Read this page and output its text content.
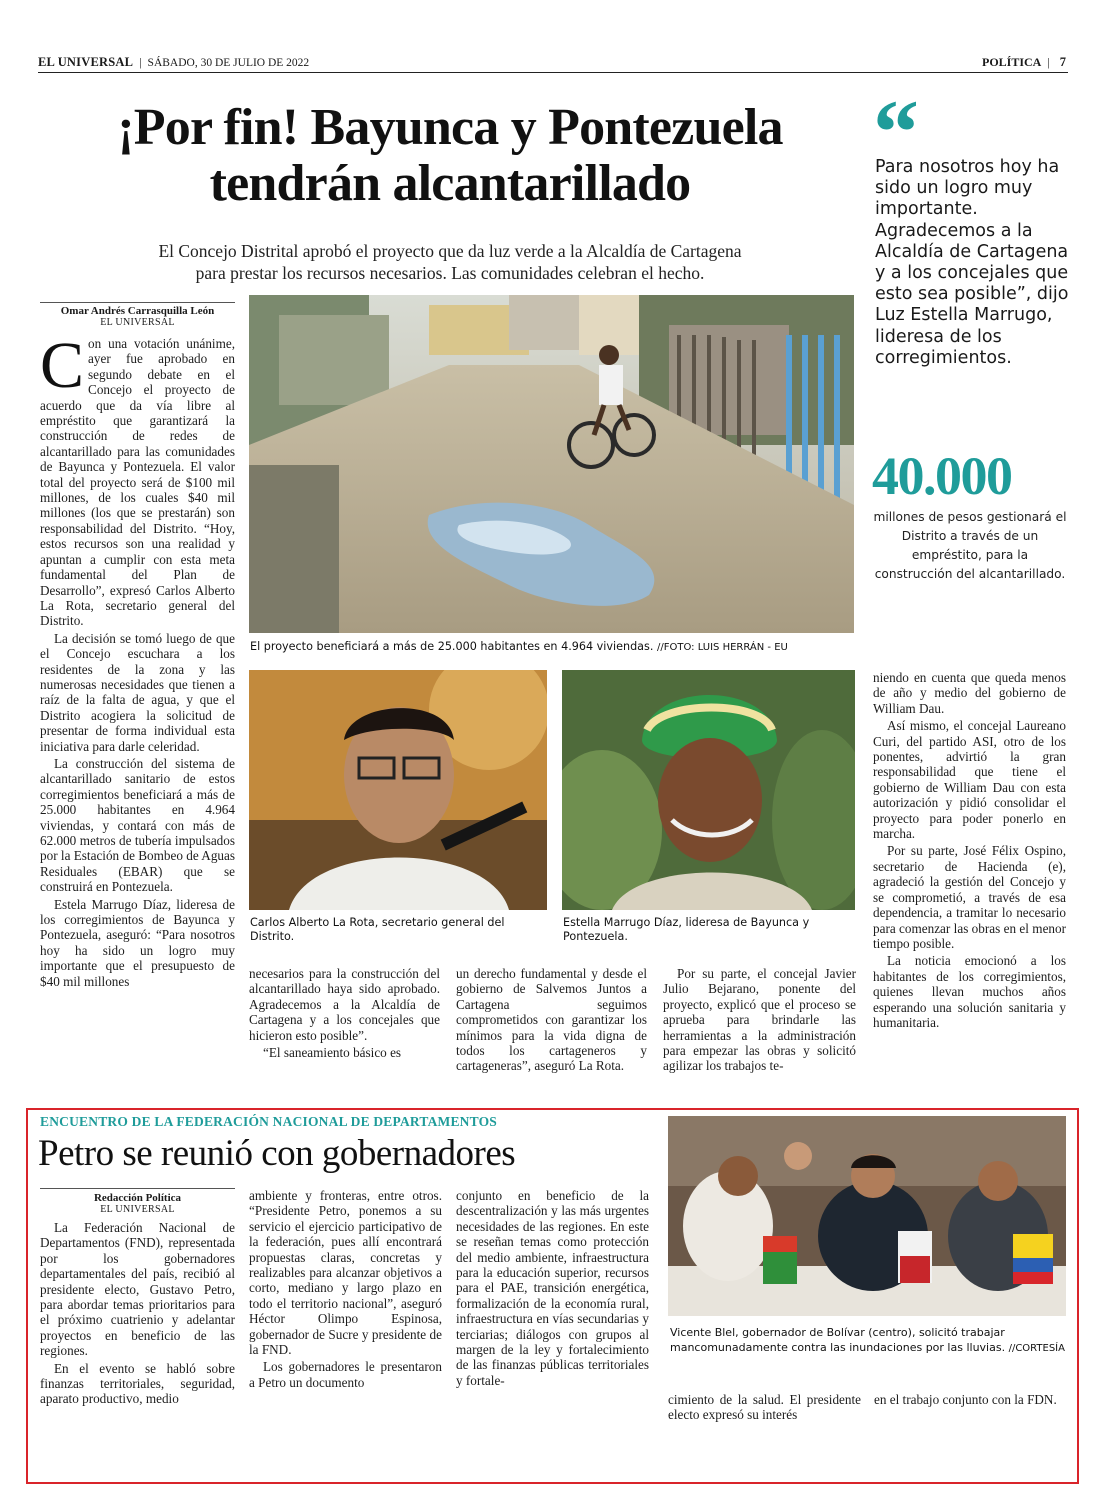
EL UNIVERSAL | SÁBADO, 30 DE JULIO DE 2022	POLÍTICA | 7
¡Por fin! Bayunca y Pontezuela
tendrán alcantarillado
El Concejo Distrital aprobó el proyecto que da luz verde a la Alcaldía de Cartagena
para prestar los recursos necesarios. Las comunidades celebran el hecho.
“
Para nosotros hoy ha sido un logro muy importante. Agradecemos a la Alcaldía de Cartagena y a los concejales que esto sea posible”, dijo Luz Estella Marrugo, lideresa de los corregimientos.
40.000
millones de pesos gestionará el Distrito a través de un empréstito, para la construcción del alcantarillado.
Omar Andrés Carrasquilla León
EL UNIVERSAL
C on una votación unánime, ayer fue aprobado en segundo debate en el Concejo el proyecto de acuerdo que da vía libre al empréstito que garantizará la construcción de redes de alcantarillado para las comunidades de Bayunca y Pontezuela. El valor total del proyecto será de $100 mil millones, de los cuales $40 mil millones (los que se prestarán) son responsabilidad del Distrito. “Hoy, estos recursos son una realidad y apuntan a cumplir con esta meta fundamental del Plan de Desarrollo”, expresó Carlos Alberto La Rota, secretario general del Distrito.

La decisión se tomó luego de que el Concejo escuchara a los residentes de la zona y las numerosas necesidades que tienen a raíz de la falta de agua, y que el Distrito acogiera la solicitud de presentar de forma individual esta iniciativa para darle celeridad.

La construcción del sistema de alcantarillado sanitario de estos corregimientos beneficiará a más de 25.000 habitantes en 4.964 viviendas, y contará con más de 62.000 metros de tubería impulsados por la Estación de Bombeo de Aguas Residuales (EBAR) que se construirá en Pontezuela.

Estela Marrugo Díaz, lideresa de los corregimientos de Bayunca y Pontezuela, aseguró: “Para nosotros hoy ha sido un logro muy importante que el presupuesto de $40 mil millones

El proyecto beneficiará a más de 25.000 habitantes en 4.964 viviendas. //FOTO: LUIS HERRÁN - EU
Carlos Alberto La Rota, secretario general del Distrito.
Estella Marrugo Díaz, lideresa de Bayunca y Pontezuela.

necesarios para la construcción del alcantarillado haya sido aprobado. Agradecemos a la Alcaldía de Cartagena y a los concejales que hicieron esto posible”.

“El saneamiento básico es

un derecho fundamental y desde el gobierno de Salvemos Juntos a Cartagena seguimos comprometidos con garantizar los mínimos para la vida digna de todos los cartageneros y cartageneras”, aseguró La Rota.

Por su parte, el concejal Javier Julio Bejarano, ponente del proyecto, explicó que el proceso se aprueba para brindarle las herramientas a la administración para empezar las obras y solicitó agilizar los trabajos te-

niendo en cuenta que queda menos de año y medio del gobierno de William Dau.

Así mismo, el concejal Laureano Curi, del partido ASI, otro de los ponentes, advirtió la gran responsabilidad que tiene el gobierno de William Dau con esta autorización y pidió consolidar el proyecto para poder ponerlo en marcha.

Por su parte, José Félix Ospino, secretario de Hacienda (e), agradeció la gestión del Concejo y se comprometió, a través de esa dependencia, a tramitar lo necesario para comenzar las obras en el menor tiempo posible.

La noticia emocionó a los habitantes de los corregimientos, quienes llevan muchos años esperando una solución sanitaria y humanitaria.

ENCUENTRO DE LA FEDERACIÓN NACIONAL DE DEPARTAMENTOS
Petro se reunió con gobernadores
Redacción Política
EL UNIVERSAL

La Federación Nacional de Departamentos (FND), representada por los gobernadores departamentales del país, recibió al presidente electo, Gustavo Petro, para abordar temas prioritarios para el próximo cuatrienio y adelantar proyectos en beneficio de las regiones.

En el evento se habló sobre finanzas territoriales, seguridad, aparato productivo, medio

ambiente y fronteras, entre otros. “Presidente Petro, ponemos a su servicio el ejercicio participativo de la federación, pues allí encontrará propuestas claras, concretas y realizables para alcanzar objetivos a corto, mediano y largo plazo en todo el territorio nacional”, aseguró Héctor Olimpo Espinosa, gobernador de Sucre y presidente de la FND.

Los gobernadores le presentaron a Petro un documento

conjunto en beneficio de la descentralización y las más urgentes necesidades de las regiones. En este se reseñan temas como protección del medio ambiente, infraestructura para la educación superior, recursos para el PAE, transición energética, formalización de la economía rural, infraestructura en vías secundarias y terciarias; diálogos con grupos al margen de la ley y fortalecimiento de las finanzas públicas territoriales y fortale-

Vicente Blel, gobernador de Bolívar (centro), solicitó trabajar mancomunadamente contra las inundaciones por las lluvias. //CORTESÍA

cimiento de la salud. El presidente electo expresó su interés

en el trabajo conjunto con la FDN.
